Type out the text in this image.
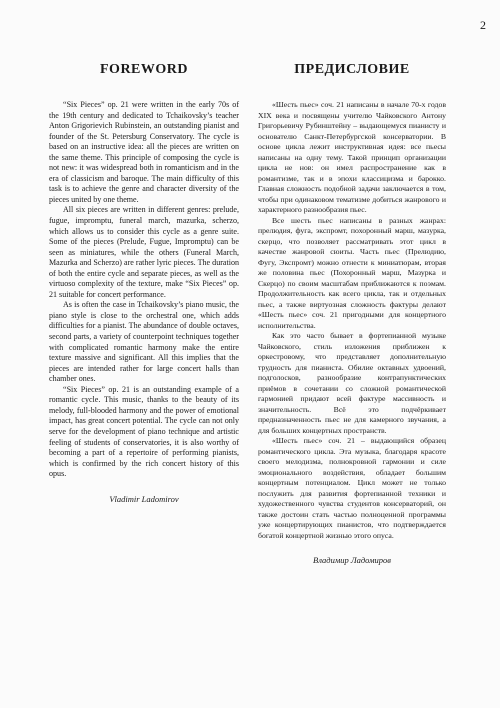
2
FOREWORD

“Six Pieces” op. 21 were written in the early 70s of the 19th century and dedicated to Tchaikovsky’s teacher Anton Grigorievich Rubinstein, an outstanding pianist and founder of the St. Petersburg Conservatory. The cycle is based on an instructive idea: all the pieces are written on the same theme. This principle of composing the cycle is not new: it was widespread both in romanticism and in the era of classicism and baroque. The main difficulty of this task is to achieve the genre and character diversity of the pieces united by one theme.

All six pieces are written in different genres: prelude, fugue, impromptu, funeral march, mazurka, scherzo, which allows us to consider this cycle as a genre suite. Some of the pieces (Prelude, Fugue, Impromptu) can be seen as miniatures, while the others (Funeral March, Mazurka and Scherzo) are rather lyric pieces. The duration of both the entire cycle and separate pieces, as well as the virtuoso complexity of the texture, make “Six Pieces” op. 21 suitable for concert performance.

As is often the case in Tchaikovsky’s piano music, the piano style is close to the orchestral one, which adds difficulties for a pianist. The abundance of double octaves, second parts, a variety of counterpoint techniques together with complicated romantic harmony make the entire texture massive and significant. All this implies that the pieces are intended rather for large concert halls than chamber ones.

“Six Pieces” op. 21 is an outstanding example of a romantic cycle. This music, thanks to the beauty of its melody, full-blooded harmony and the power of emotional impact, has great concert potential. The cycle can not only serve for the development of piano technique and artistic feeling of students of conservatories, it is also worthy of becoming a part of a repertoire of performing pianists, which is confirmed by the rich concert history of this opus.

Vladimir Ladomirov
ПРЕДИСЛОВИЕ

«Шесть пьес» соч. 21 написаны в начале 70-х годов XIX века и посвящены учителю Чайковского Антону Григорьевичу Рубинштейну – выдающемуся пианисту и основателю Санкт-Петербургской консерватории. В основе цикла лежит инструктивная идея: все пьесы написаны на одну тему. Такой принцип организации цикла не нов: он имел распространение как в романтизме, так и в эпохи классицизма и барокко. Главная сложность подобной задачи заключается в том, чтобы при одинаковом тематизме добиться жанрового и характерного разнообразия пьес.

Все шесть пьес написаны в разных жанрах: прелюдия, фуга, экспромт, похоронный марш, мазурка, скерцо, что позволяет рассматривать этот цикл в качестве жанровой сюиты. Часть пьес (Прелюдию, Фугу, Экспромт) можно отнести к миниатюрам, вторая же половина пьес (Похоронный марш, Мазурка и Скерцо) по своим масштабам приближаются к поэмам. Продолжительность как всего цикла, так и отдельных пьес, а также виртуозная сложность фактуры делают «Шесть пьес» соч. 21 пригодными для концертного исполнительства.

Как это часто бывает в фортепианной музыке Чайковского, стиль изложения приближен к оркестровому, что представляет дополнительную трудность для пианиста. Обилие октавных удвоений, подголосков, разнообразие контрапунктических приёмов в сочетании со сложной романтической гармонией придают всей фактуре массивность и значительность. Всё это подчёркивает предназначенность пьес не для камерного звучания, а для больших концертных пространств.

«Шесть пьес» соч. 21 – выдающийся образец романтического цикла. Эта музыка, благодаря красоте своего мелодизма, полнокровной гармонии и силе эмоционального воздействия, обладает большим концертным потенциалом. Цикл может не только послужить для развития фортепианной техники и художественного чувства студентов консерваторий, он также достоин стать частью полноценной программы уже концертирующих пианистов, что подтверждается богатой концертной жизнью этого опуса.

Владимир Ладомиров
